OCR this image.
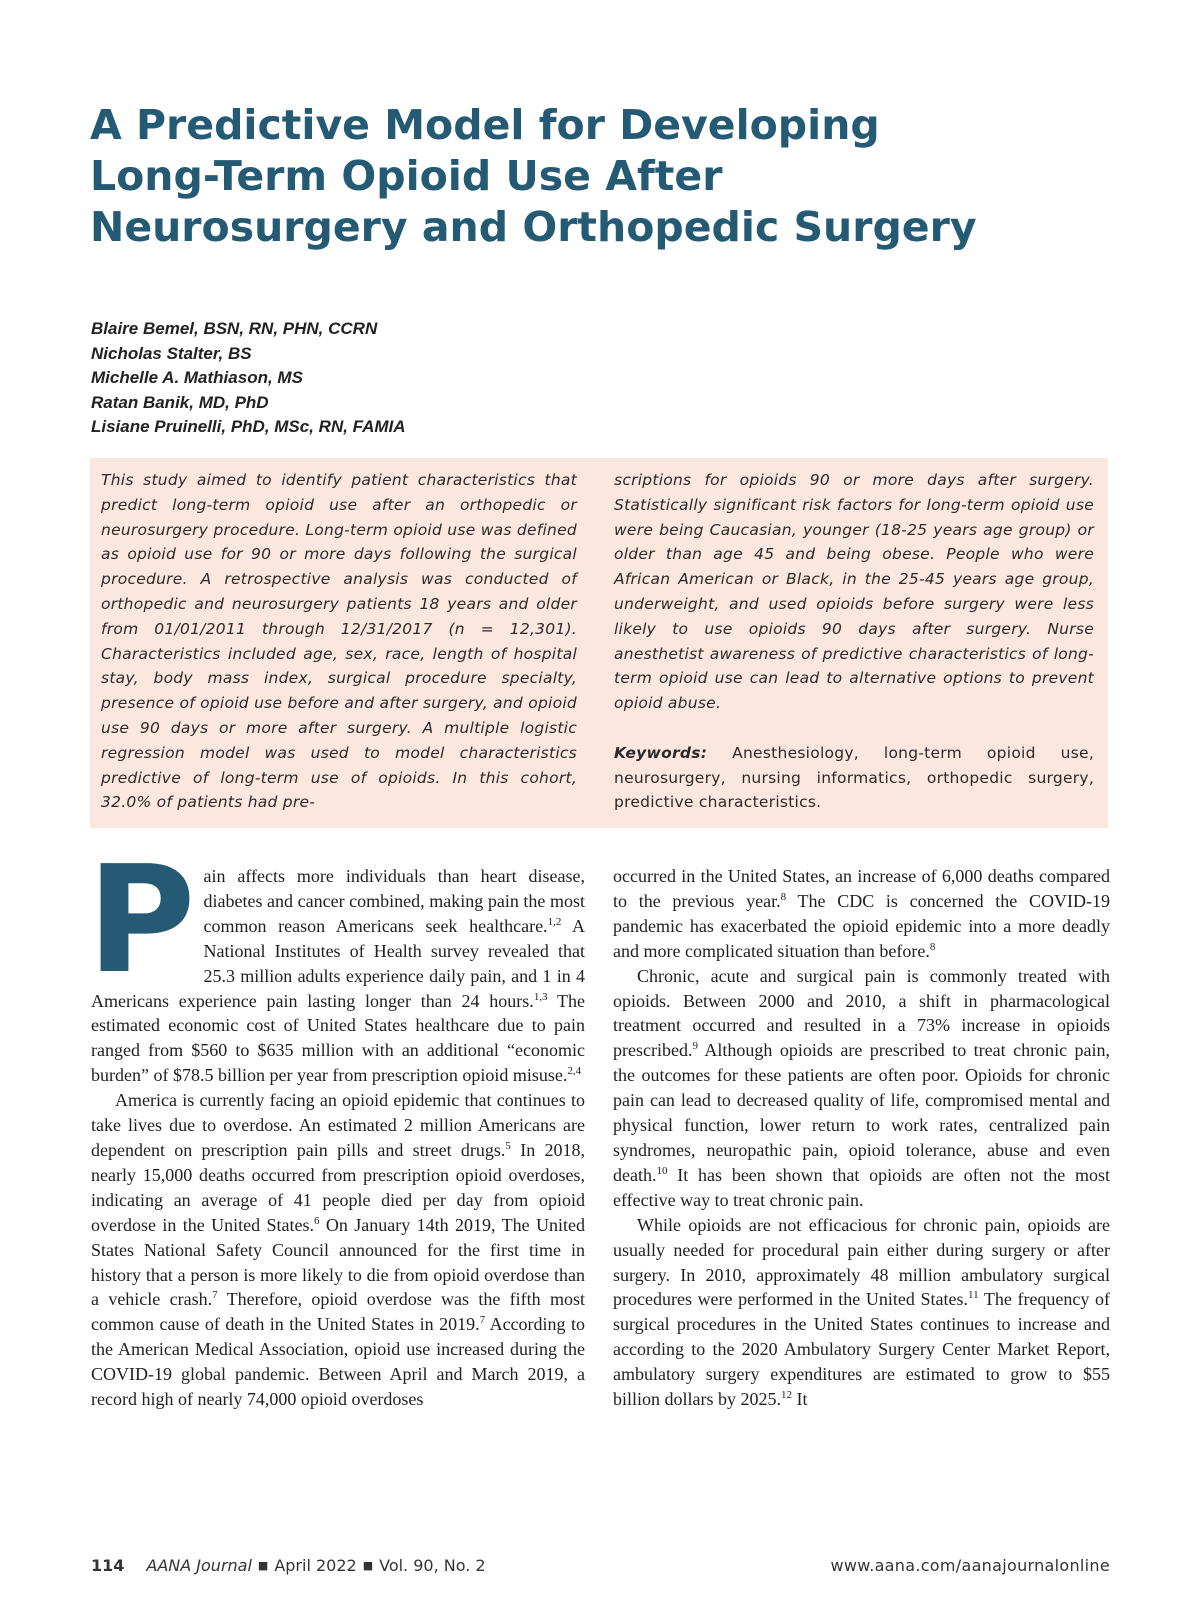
A Predictive Model for Developing Long-Term Opioid Use After Neurosurgery and Orthopedic Surgery
Blaire Bemel, BSN, RN, PHN, CCRN
Nicholas Stalter, BS
Michelle A. Mathiason, MS
Ratan Banik, MD, PhD
Lisiane Pruinelli, PhD, MSc, RN, FAMIA

This study aimed to identify patient characteristics that predict long-term opioid use after an orthopedic or neurosurgery procedure. Long-term opioid use was defined as opioid use for 90 or more days following the surgical procedure. A retrospective analysis was conducted of orthopedic and neurosurgery patients 18 years and older from 01/01/2011 through 12/31/2017 (n = 12,301). Characteristics included age, sex, race, length of hospital stay, body mass index, surgical procedure specialty, presence of opioid use before and after surgery, and opioid use 90 days or more after surgery. A multiple logistic regression model was used to model characteristics predictive of long-term use of opioids. In this cohort, 32.0% of patients had pre-

scriptions for opioids 90 or more days after surgery. Statistically significant risk factors for long-term opioid use were being Caucasian, younger (18-25 years age group) or older than age 45 and being obese. People who were African American or Black, in the 25-45 years age group, underweight, and used opioids before surgery were less likely to use opioids 90 days after surgery. Nurse anesthetist awareness of predictive characteristics of long-term opioid use can lead to alternative options to prevent opioid abuse.

Keywords: Anesthesiology, long-term opioid use, neurosurgery, nursing informatics, orthopedic surgery, predictive characteristics.

Pain affects more individuals than heart disease, diabetes and cancer combined, making pain the most common reason Americans seek healthcare.$^{1,2}$ A National Institutes of Health survey revealed that 25.3 million adults experience daily pain, and 1 in 4 Americans experience pain lasting longer than 24 hours.$^{1,3}$ The estimated economic cost of United States healthcare due to pain ranged from $560 to $635 million with an additional “economic burden” of $78.5 billion per year from prescription opioid misuse.$^{2,4}$

America is currently facing an opioid epidemic that continues to take lives due to overdose. An estimated 2 million Americans are dependent on prescription pain pills and street drugs.$^5$ In 2018, nearly 15,000 deaths occurred from prescription opioid overdoses, indicating an average of 41 people died per day from opioid overdose in the United States.$^6$ On January 14th 2019, The United States National Safety Council announced for the first time in history that a person is more likely to die from opioid overdose than a vehicle crash.$^7$ Therefore, opioid overdose was the fifth most common cause of death in the United States in 2019.$^7$ According to the American Medical Association, opioid use increased during the COVID-19 global pandemic. Between April and March 2019, a record high of nearly 74,000 opioid overdoses

occurred in the United States, an increase of 6,000 deaths compared to the previous year.$^8$ The CDC is concerned the COVID-19 pandemic has exacerbated the opioid epidemic into a more deadly and more complicated situation than before.$^8$

Chronic, acute and surgical pain is commonly treated with opioids. Between 2000 and 2010, a shift in pharmacological treatment occurred and resulted in a 73% increase in opioids prescribed.$^9$ Although opioids are prescribed to treat chronic pain, the outcomes for these patients are often poor. Opioids for chronic pain can lead to decreased quality of life, compromised mental and physical function, lower return to work rates, centralized pain syndromes, neuropathic pain, opioid tolerance, abuse and even death.$^{10}$ It has been shown that opioids are often not the most effective way to treat chronic pain.

While opioids are not efficacious for chronic pain, opioids are usually needed for procedural pain either during surgery or after surgery. In 2010, approximately 48 million ambulatory surgical procedures were performed in the United States.$^{11}$ The frequency of surgical procedures in the United States continues to increase and according to the 2020 Ambulatory Surgery Center Market Report, ambulatory surgery expenditures are estimated to grow to $55 billion dollars by 2025.12 It

114 AANA Journal ■ April 2022 ■ Vol. 90, No. 2	www.aana.com/aanajournalonline
